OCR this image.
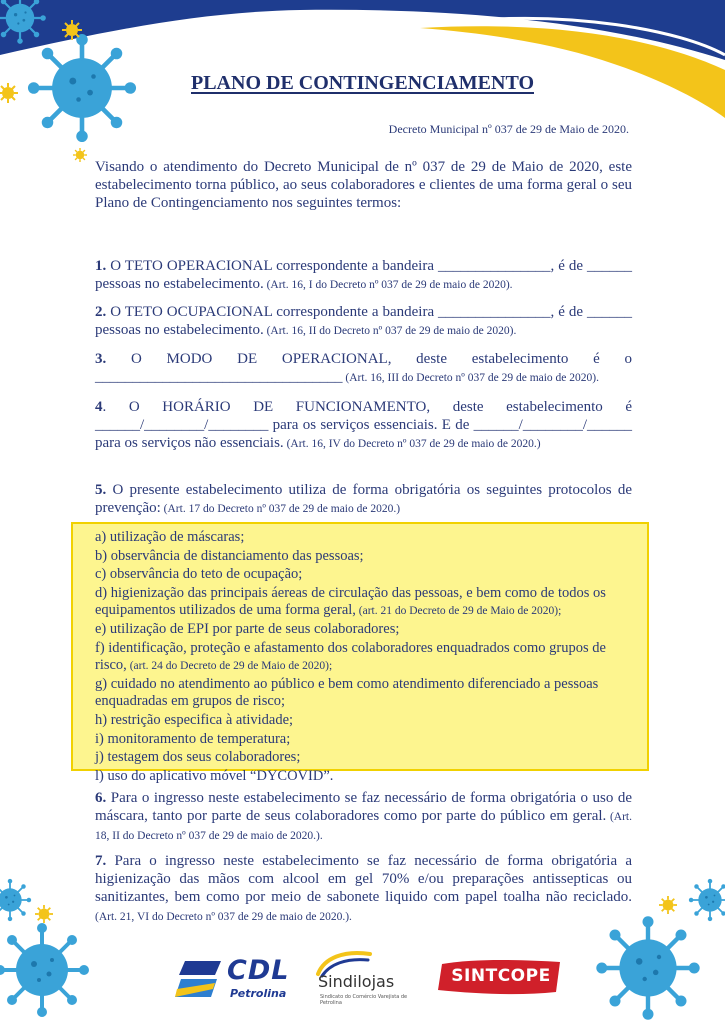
PLANO DE CONTINGENCIAMENTO
Decreto Municipal nº 037 de 29 de Maio de 2020.
Visando o atendimento do Decreto Municipal de nº 037 de 29 de Maio de 2020, este estabelecimento torna público, ao seus colaboradores e clientes de uma forma geral o seu Plano de Contingenciamento nos seguintes termos:
1. O TETO OPERACIONAL correspondente a bandeira _______________, é de ______ pessoas no estabelecimento. (Art. 16, I do Decreto nº 037 de 29 de maio de 2020).
2. O TETO OCUPACIONAL correspondente a bandeira _______________, é de ______ pessoas no estabelecimento. (Art. 16, II do Decreto nº 037 de 29 de maio de 2020).
3. O MODO DE OPERACIONAL, deste estabelecimento é o _________________________________ (Art. 16, III do Decreto nº 037 de 29 de maio de 2020).
4. O HORÁRIO DE FUNCIONAMENTO, deste estabelecimento é ______/________/________ para os serviços essenciais. E de ______/________/______ para os serviços não essenciais. (Art. 16, IV do Decreto nº 037 de 29 de maio de 2020.)
5. O presente estabelecimento utiliza de forma obrigatória os seguintes protocolos de prevenção: (Art. 17 do Decreto nº 037 de 29 de maio de 2020.)
a) utilização de máscaras;
b) observância de distanciamento das pessoas;
c) observância do teto de ocupação;
d) higienização das principais áereas de circulação das pessoas, e bem como de todos os equipamentos utilizados de uma forma geral, (art. 21 do Decreto de 29 de Maio de 2020);
e) utilização de EPI por parte de seus colaboradores;
f) identificação, proteção e afastamento dos colaboradores enquadrados como grupos de risco, (art. 24 do Decreto de 29 de Maio de 2020);
g) cuidado no atendimento ao público e bem como atendimento diferenciado a pessoas enquadradas em grupos de risco;
h) restrição especifica à atividade;
i) monitoramento de temperatura;
j) testagem dos seus colaboradores;
l) uso do aplicativo móvel “DYCOVID”.
6. Para o ingresso neste estabelecimento se faz necessário de forma obrigatória o uso de máscara, tanto por parte de seus colaboradores como por parte do público em geral. (Art. 18, II do Decreto nº 037 de 29 de maio de 2020.).
7. Para o ingresso neste estabelecimento se faz necessário de forma obrigatória a higienização das mãos com alcool em gel 70% e/ou preparações antissepticas ou sanitizantes, bem como por meio de sabonete liquido com papel toalha não reciclado. (Art. 21, VI do Decreto nº 037 de 29 de maio de 2020.).
CDL
Petrolina
Sindilojas
Sindicato do Comércio Varejista de Petrolina
SINTCOPE
